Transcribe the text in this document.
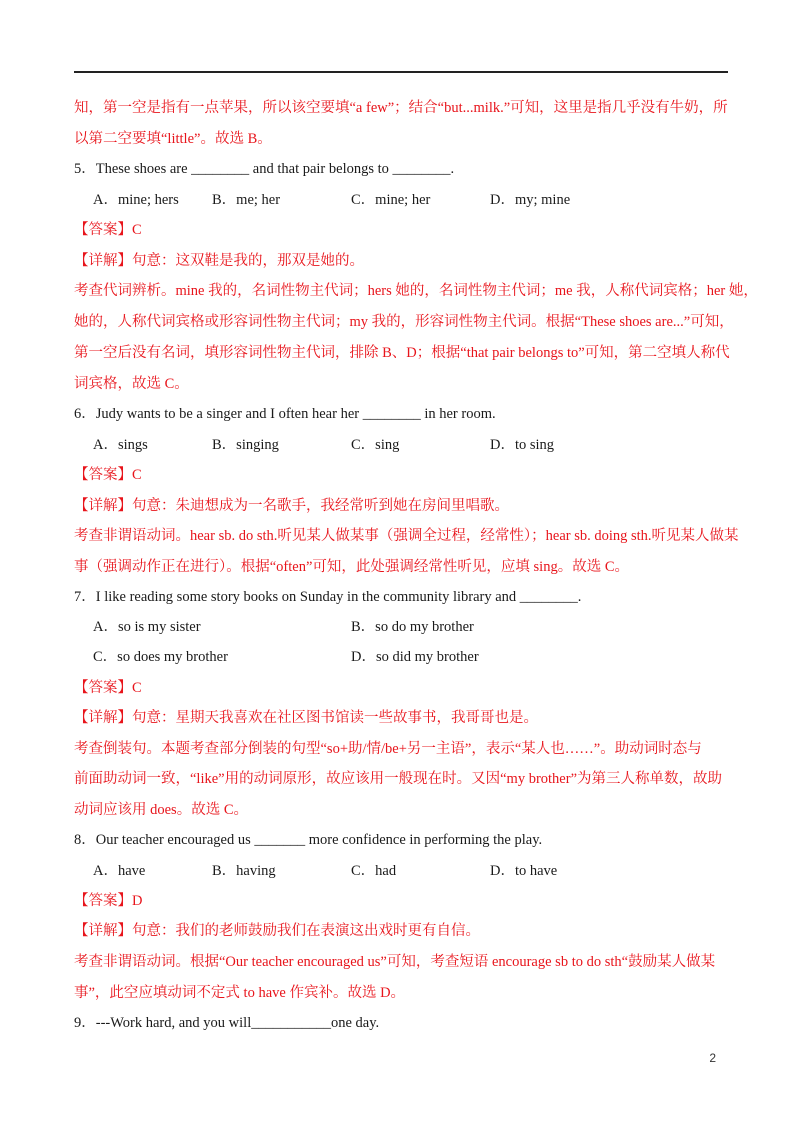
知，第一空是指有一点苹果，所以该空要填“a few”；结合“but...milk.”可知，这里是指几乎没有牛奶，所
以第二空要填“little”。故选 B。
5．These shoes are ________ and that pair belongs to ________.
A．mine; hers B．me; her	C．mine; her	D．my; mine
【答案】C
【详解】句意：这双鞋是我的，那双是她的。
考查代词辨析。mine 我的，名词性物主代词；hers 她的，名词性物主代词；me 我，人称代词宾格；her 她，
她的，人称代词宾格或形容词性物主代词；my 我的，形容词性物主代词。根据“These shoes are...”可知，
第一空后没有名词，填形容词性物主代词，排除 B、D；根据“that pair belongs to”可知，第二空填人称代
词宾格，故选 C。
6．Judy wants to be a singer and I often hear her ________ in her room.
A．sings	B．singing	C．sing	D．to sing
【答案】C
【详解】句意：朱迪想成为一名歌手，我经常听到她在房间里唱歌。
考查非谓语动词。hear sb. do sth.听见某人做某事（强调全过程，经常性）；hear sb. doing sth.听见某人做某
事（强调动作正在进行）。根据“often”可知，此处强调经常性听见，应填 sing。故选 C。
7．I like reading some story books on Sunday in the community library and ________.
A．so is my sister	B．so do my brother
C．so does my brother	D．so did my brother
【答案】C
【详解】句意：星期天我喜欢在社区图书馆读一些故事书，我哥哥也是。
考查倒装句。本题考查部分倒装的句型“so+助/情/be+另一主语”，表示“某人也……”。助动词时态与
前面助动词一致，“like”用的动词原形，故应该用一般现在时。又因“my brother”为第三人称单数，故助
动词应该用 does。故选 C。
8．Our teacher encouraged us _______ more confidence in performing the play.
A．have	B．having	C．had	D．to have
【答案】D
【详解】句意：我们的老师鼓励我们在表演这出戏时更有自信。
考查非谓语动词。根据“Our teacher encouraged us”可知，考查短语 encourage sb to do sth“鼓励某人做某
事”，此空应填动词不定式 to have 作宾补。故选 D。
9．---Work hard, and you will___________one day.
2
